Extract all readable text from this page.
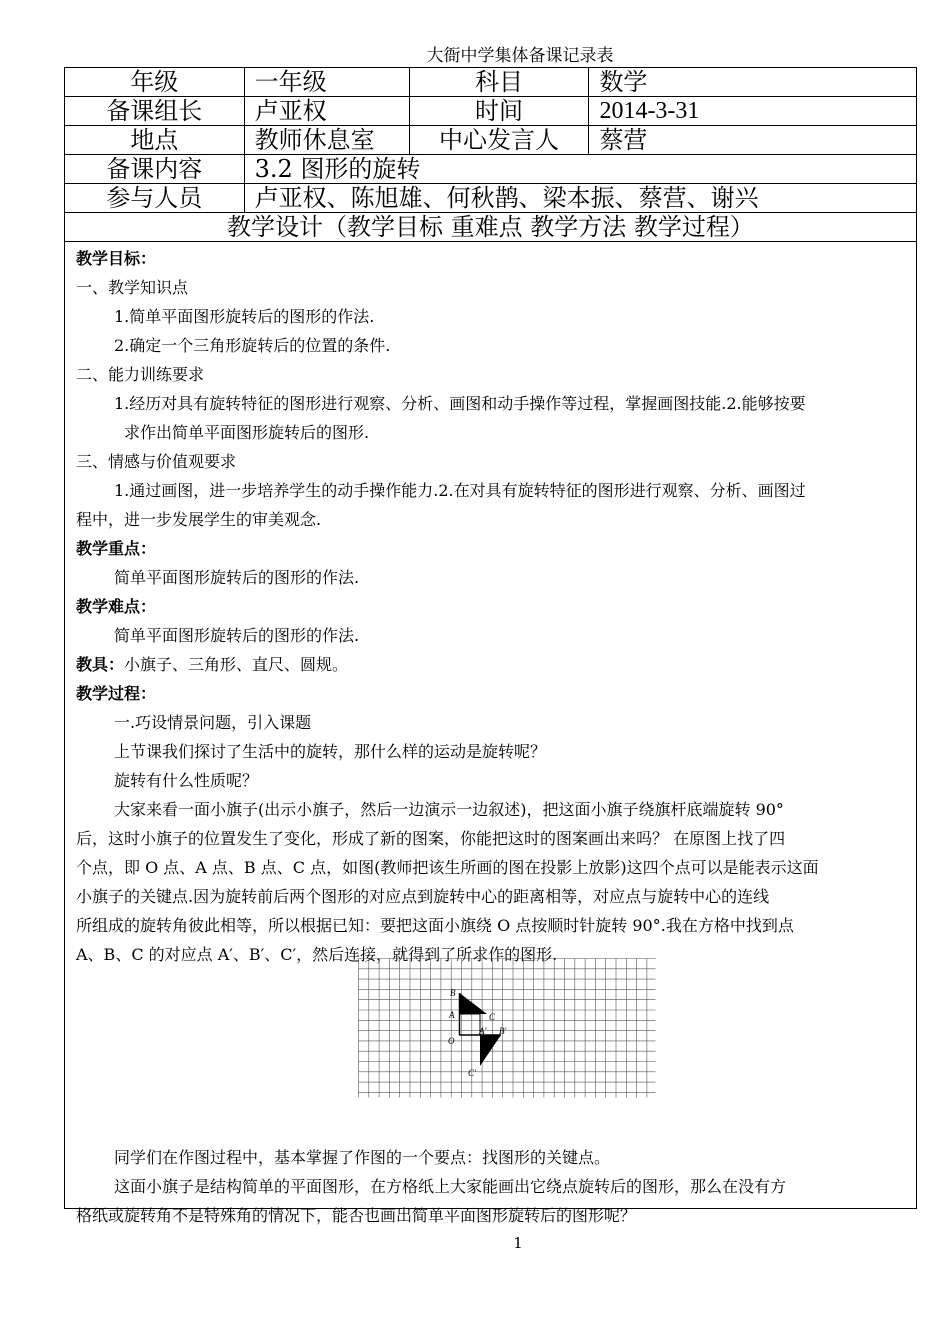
大衙中学集体备课记录表
年级	一年级	科目	数学
备课组长	卢亚权	时间	2014-3-31
地点	教师休息室	中心发言人	蔡营
备课内容	3.2 图形的旋转		
参与人员	卢亚权、陈旭雄、何秋鹊、梁本振、蔡营、谢兴		
教学设计（教学目标 重难点 教学方法 教学过程）			
教学目标：
一、教学知识点
1.简单平面图形旋转后的图形的作法.
2.确定一个三角形旋转后的位置的条件.
二、能力训练要求
1.经历对具有旋转特征的图形进行观察、分析、画图和动手操作等过程，掌握画图技能.2.能够按要
求作出简单平面图形旋转后的图形.
三、情感与价值观要求
1.通过画图，进一步培养学生的动手操作能力.2.在对具有旋转特征的图形进行观察、分析、画图过
程中，进一步发展学生的审美观念.
教学重点：
简单平面图形旋转后的图形的作法.
教学难点：
简单平面图形旋转后的图形的作法.
教具：小旗子、三角形、直尺、圆规。
教学过程：
一.巧设情景问题，引入课题
上节课我们探讨了生活中的旋转，那什么样的运动是旋转呢？
旋转有什么性质呢？
大家来看一面小旗子(出示小旗子，然后一边演示一边叙述)，把这面小旗子绕旗杆底端旋转 90°
后，这时小旗子的位置发生了变化，形成了新的图案，你能把这时的图案画出来吗？ 在原图上找了四
个点，即 O 点、A 点、B 点、C 点，如图(教师把该生所画的图在投影上放影)这四个点可以是能表示这面
小旗子的关键点.因为旋转前后两个图形的对应点到旋转中心的距离相等，对应点与旋转中心的连线
所组成的旋转角彼此相等，所以根据已知：要把这面小旗绕 O 点按顺时针旋转 90°.我在方格中找到点
A、B、C 的对应点 A′、B′、C′，然后连接，就得到了所求作的图形.
同学们在作图过程中，基本掌握了作图的一个要点：找图形的关键点。
这面小旗子是结构简单的平面图形，在方格纸上大家能画出它绕点旋转后的图形，那么在没有方
格纸或旋转角不是特殊角的情况下，能否也画出简单平面图形旋转后的图形呢？
B
A	C
O
A′ B′
C′
1
